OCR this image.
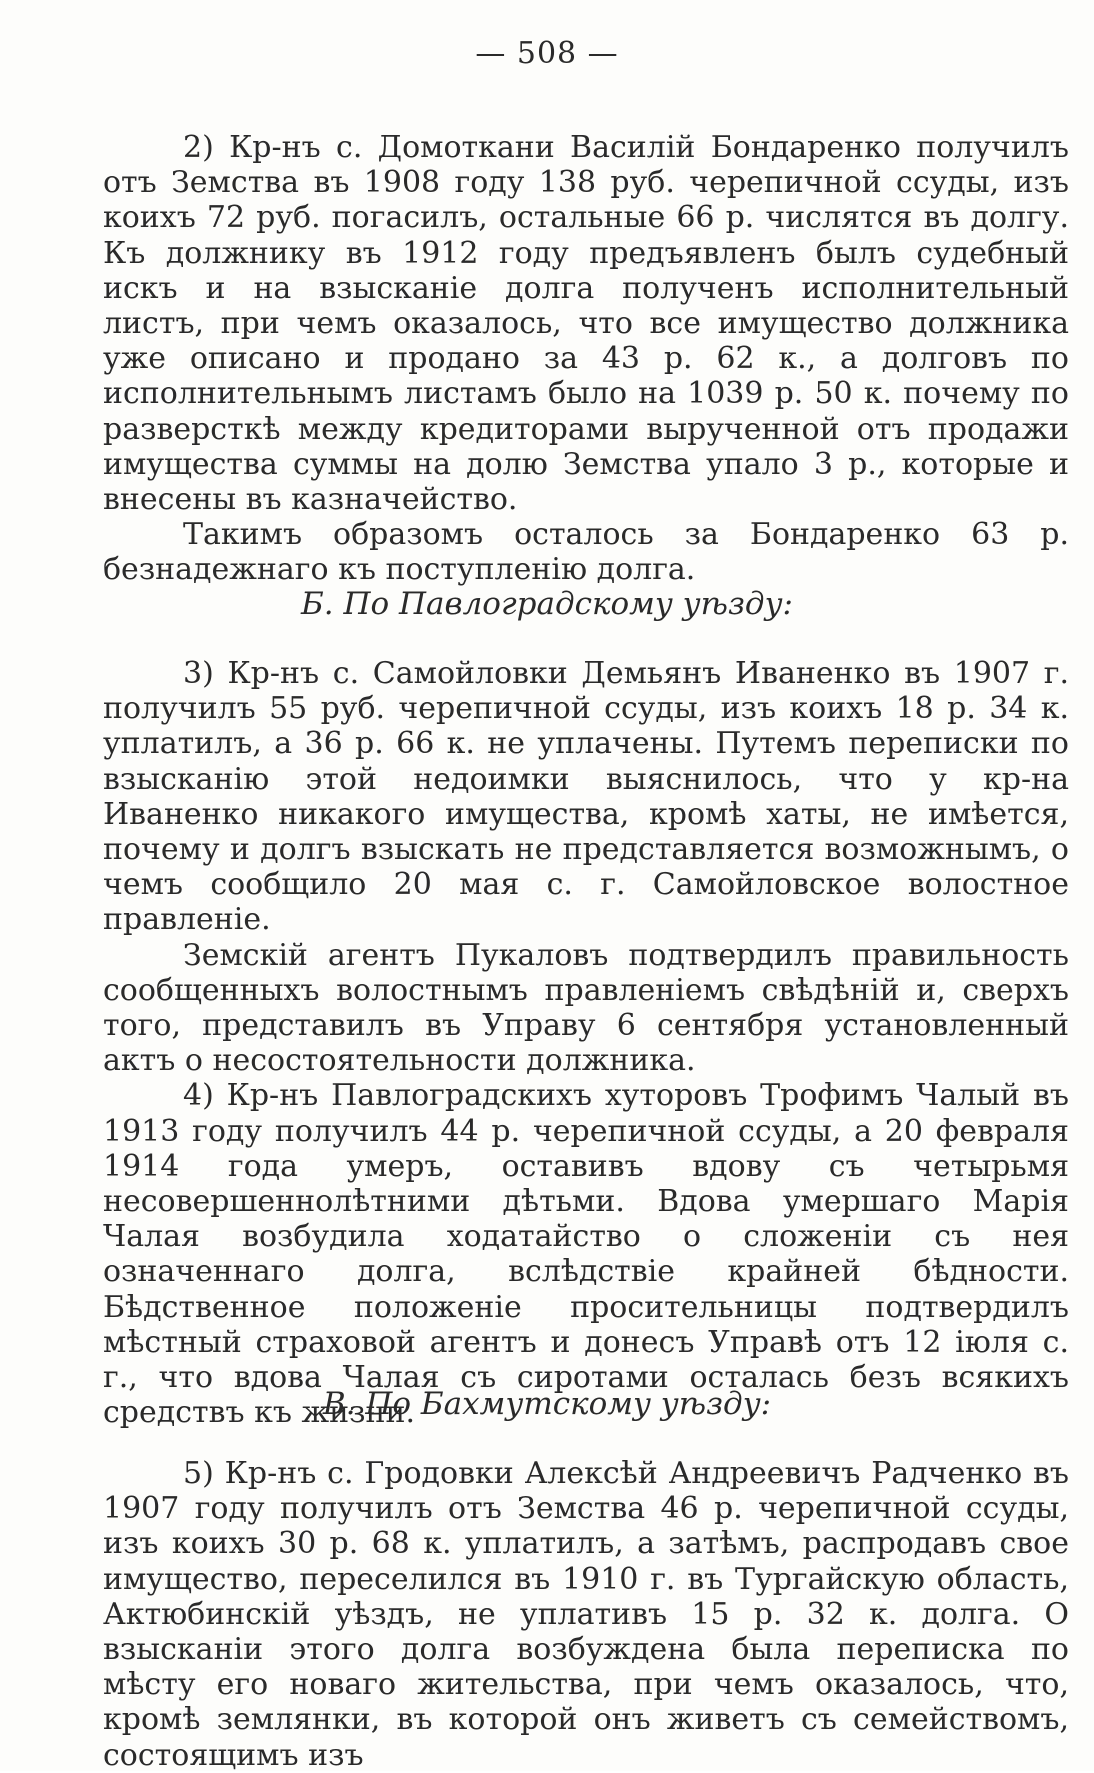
— 508 —

2) Кр-нъ с. Домоткани Василій Бондаренко получилъ отъ Земства въ 1908 году 138 руб. черепичной ссуды, изъ коихъ 72 руб. погасилъ, остальные 66 р. числятся въ долгу. Къ должнику въ 1912 году предъявленъ былъ судебный искъ и на взысканіе долга полученъ исполнительный листъ, при чемъ оказалось, что все имущество должника уже описано и продано за 43 р. 62 к., а долговъ по исполнительнымъ листамъ было на 1039 р. 50 к. почему по разверсткѣ между кредиторами вырученной отъ продажи имущества суммы на долю Земства упало 3 р., которые и внесены въ казначейство.

Такимъ образомъ осталось за Бондаренко 63 р. безнадежнаго къ поступленію долга.

Б. По Павлоградскому уѣзду:

3) Кр-нъ с. Самойловки Демьянъ Иваненко въ 1907 г. получилъ 55 руб. черепичной ссуды, изъ коихъ 18 р. 34 к. уплатилъ, а 36 р. 66 к. не уплачены. Путемъ переписки по взысканію этой недоимки выяснилось, что у кр-на Иваненко никакого имущества, кромѣ хаты, не имѣется, почему и долгъ взыскать не представляется возможнымъ, о чемъ сообщило 20 мая с. г. Самойловское волостное правленіе.

Земскій агентъ Пукаловъ подтвердилъ правильность сообщенныхъ волостнымъ правленіемъ свѣдѣній и, сверхъ того, представилъ въ Управу 6 сентября установленный актъ о несостоятельности должника.

4) Кр-нъ Павлоградскихъ хуторовъ Трофимъ Чалый въ 1913 году получилъ 44 р. черепичной ссуды, а 20 февраля 1914 года умеръ, оставивъ вдову съ четырьмя несовершеннолѣтними дѣтьми. Вдова умершаго Марія Чалая возбудила ходатайство о сложеніи съ нея означеннаго долга, вслѣдствіе крайней бѣдности. Бѣдственное положеніе просительницы подтвердилъ мѣстный страховой агентъ и донесъ Управѣ отъ 12 іюля с. г., что вдова Чалая съ сиротами осталась безъ всякихъ средствъ къ жизни.

В. По Бахмутскому уѣзду:

5) Кр-нъ с. Гродовки Алексѣй Андреевичъ Радченко въ 1907 году получилъ отъ Земства 46 р. черепичной ссуды, изъ коихъ 30 р. 68 к. уплатилъ, а затѣмъ, распродавъ свое имущество, переселился въ 1910 г. въ Тургайскую область, Актюбинскій уѣздъ, не уплативъ 15 р. 32 к. долга. О взысканіи этого долга возбуждена была переписка по мѣсту его новаго жительства, при чемъ оказалось, что, кромѣ землянки, въ которой онъ живетъ съ семействомъ, состоящимъ изъ
